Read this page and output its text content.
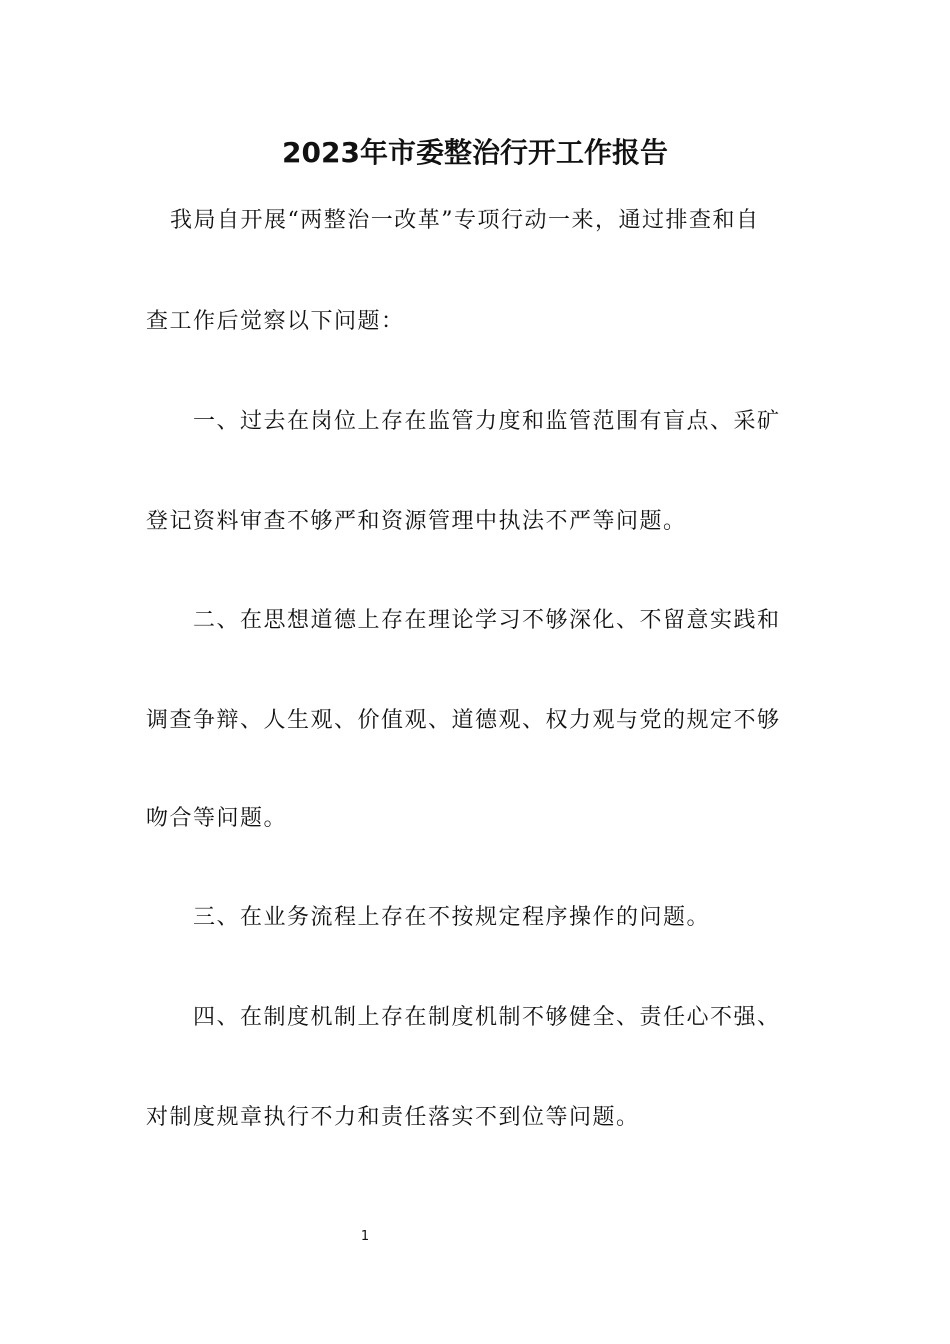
2023年市委整治行开工作报告
我局自开展“两整治一改革”专项行动一来，通过排查和自
查工作后觉察以下问题：
一、过去在岗位上存在监管力度和监管范围有盲点、采矿
登记资料审查不够严和资源管理中执法不严等问题。
二、在思想道德上存在理论学习不够深化、不留意实践和
调查争辩、人生观、价值观、道德观、权力观与党的规定不够
吻合等问题。
三、在业务流程上存在不按规定程序操作的问题。
四、在制度机制上存在制度机制不够健全、责任心不强、
对制度规章执行不力和责任落实不到位等问题。
1
